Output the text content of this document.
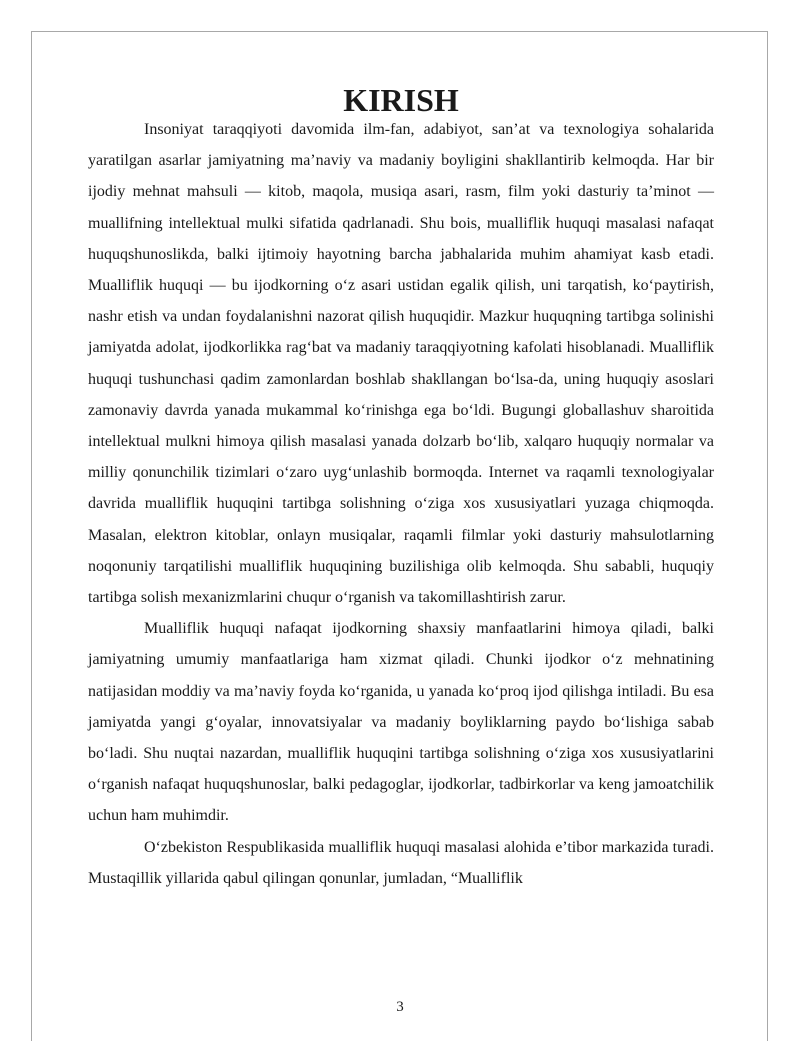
KIRISH

Insoniyat taraqqiyoti davomida ilm-fan, adabiyot, san’at va texnologiya sohalarida yaratilgan asarlar jamiyatning ma’naviy va madaniy boyligini shakllantirib kelmoqda. Har bir ijodiy mehnat mahsuli — kitob, maqola, musiqa asari, rasm, film yoki dasturiy ta’minot — muallifning intellektual mulki sifatida qadrlanadi. Shu bois, mualliflik huquqi masalasi nafaqat huquqshunoslikda, balki ijtimoiy hayotning barcha jabhalarida muhim ahamiyat kasb etadi. Mualliflik huquqi — bu ijodkorning o‘z asari ustidan egalik qilish, uni tarqatish, ko‘paytirish, nashr etish va undan foydalanishni nazorat qilish huquqidir. Mazkur huquqning tartibga solinishi jamiyatda adolat, ijodkorlikka rag‘bat va madaniy taraqqiyotning kafolati hisoblanadi. Mualliflik huquqi tushunchasi qadim zamonlardan boshlab shakllangan bo‘lsa-da, uning huquqiy asoslari zamonaviy davrda yanada mukammal ko‘rinishga ega bo‘ldi. Bugungi globallashuv sharoitida intellektual mulkni himoya qilish masalasi yanada dolzarb bo‘lib, xalqaro huquqiy normalar va milliy qonunchilik tizimlari o‘zaro uyg‘unlashib bormoqda. Internet va raqamli texnologiyalar davrida mualliflik huquqini tartibga solishning o‘ziga xos xususiyatlari yuzaga chiqmoqda. Masalan, elektron kitoblar, onlayn musiqalar, raqamli filmlar yoki dasturiy mahsulotlarning noqonuniy tarqatilishi mualliflik huquqining buzilishiga olib kelmoqda. Shu sababli, huquqiy tartibga solish mexanizmlarini chuqur o‘rganish va takomillashtirish zarur.

Mualliflik huquqi nafaqat ijodkorning shaxsiy manfaatlarini himoya qiladi, balki jamiyatning umumiy manfaatlariga ham xizmat qiladi. Chunki ijodkor o‘z mehnatining natijasidan moddiy va ma’naviy foyda ko‘rganida, u yanada ko‘proq ijod qilishga intiladi. Bu esa jamiyatda yangi g‘oyalar, innovatsiyalar va madaniy boyliklarning paydo bo‘lishiga sabab bo‘ladi. Shu nuqtai nazardan, mualliflik huquqini tartibga solishning o‘ziga xos xususiyatlarini o‘rganish nafaqat huquqshunoslar, balki pedagoglar, ijodkorlar, tadbirkorlar va keng jamoatchilik uchun ham muhimdir.

O‘zbekiston Respublikasida mualliflik huquqi masalasi alohida e’tibor markazida turadi. Mustaqillik yillarida qabul qilingan qonunlar, jumladan, “Mualliflik

3
